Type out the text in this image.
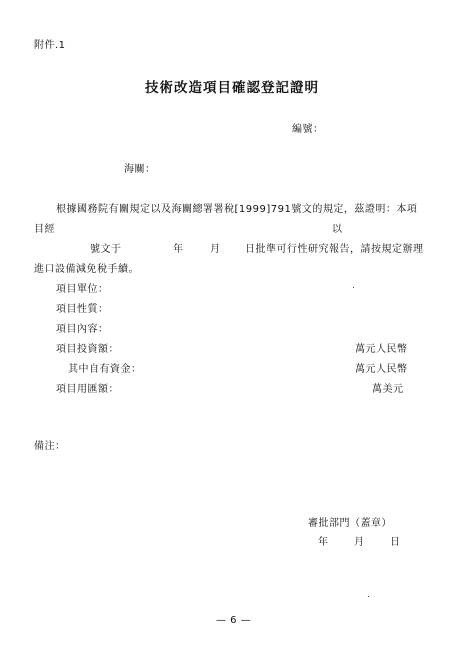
附件.1
技術改造項目確認登記證明
編號：
海關：
根據國務院有關規定以及海關總署署稅[1999]791號文的規定，茲證明：本項
目經	以
號文于	年	月 日批準可行性研究報告，請按規定辦理
進口設備減免稅手續。
項目單位：
項目性質：
項目內容：
項目投資額：	萬元人民幣
其中自有資金：	萬元人民幣
項目用匯額：	萬美元
備注：
審批部門（蓋章）
年	月	日
— 6 —
